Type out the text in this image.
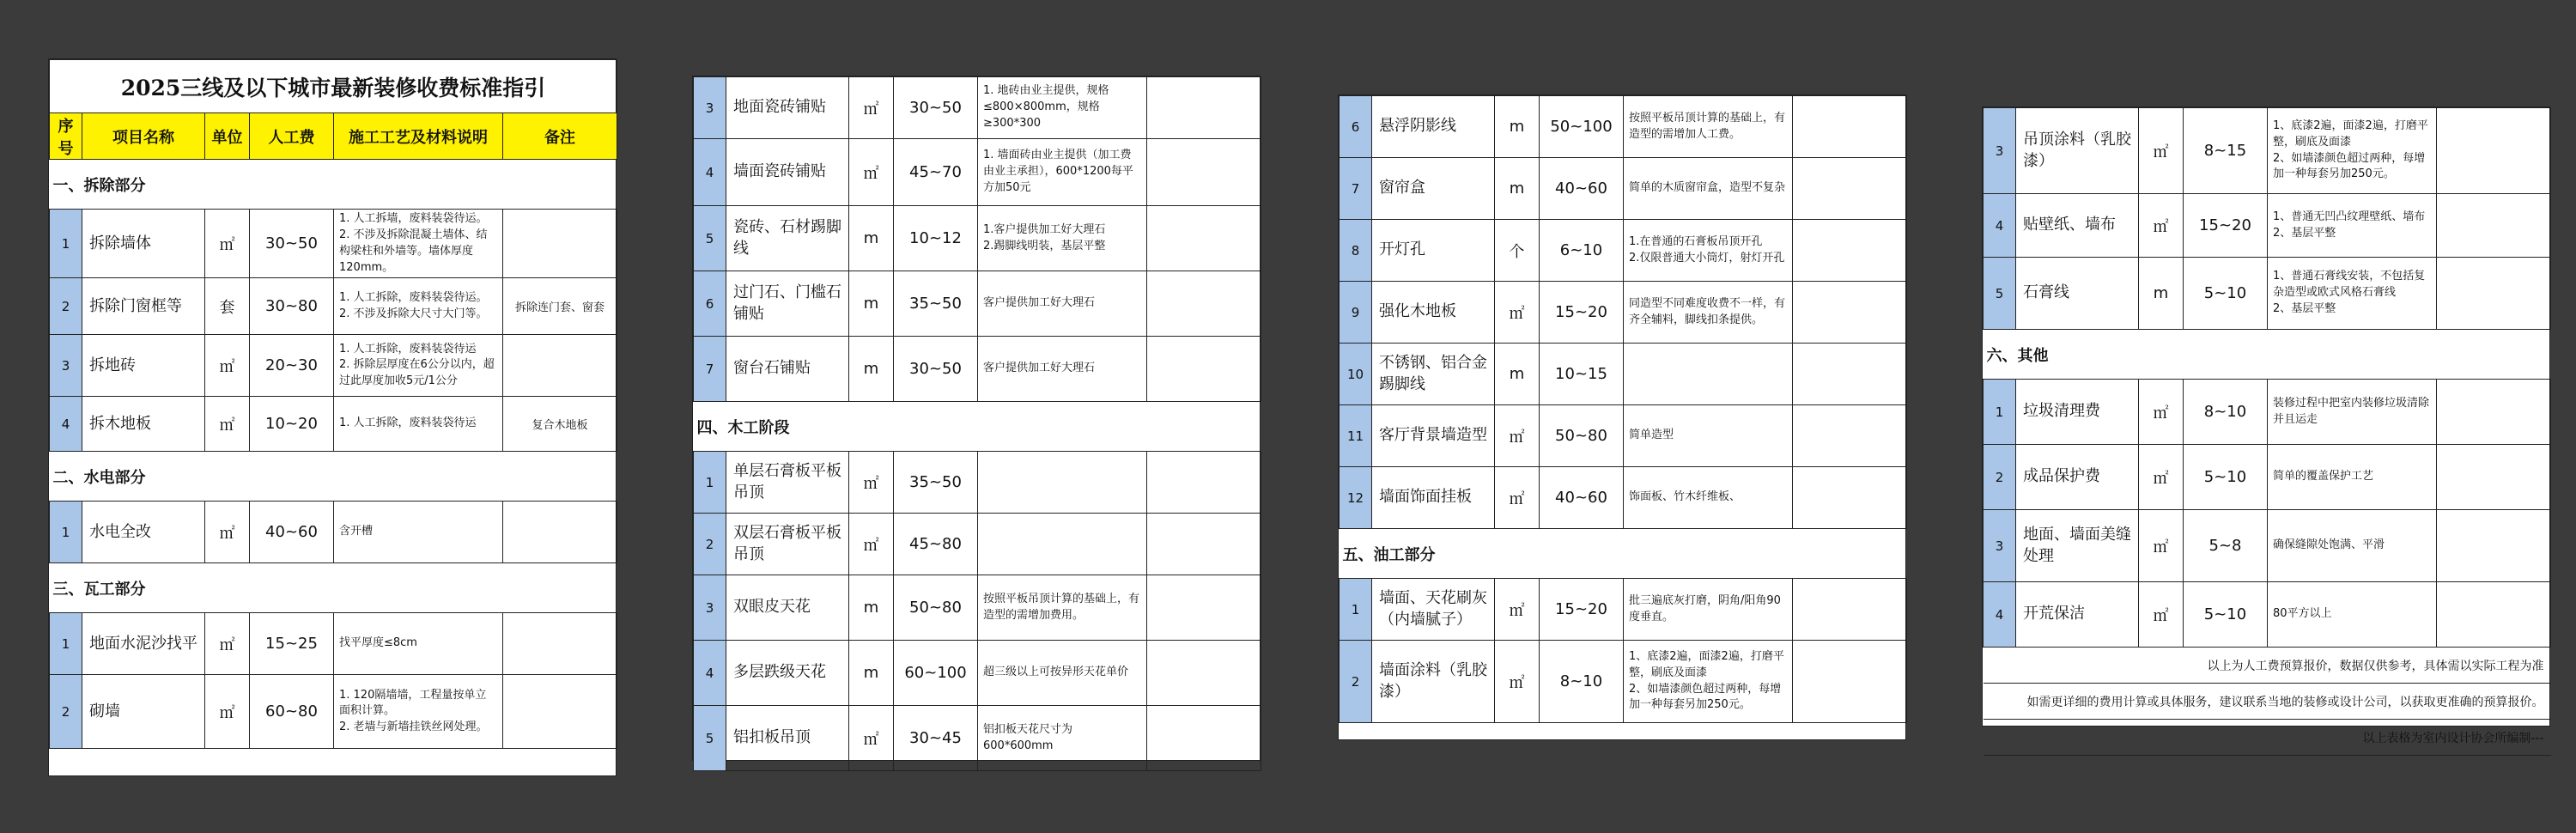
2025三线及以下城市最新装修收费标准指引					
序号	项目名称	单位	人工费	施工工艺及材料说明	备注
一、拆除部分					
1	拆除墙体	㎡	30~50	1. 人工拆墙，废料装袋待运。
2. 不涉及拆除混凝土墙体、结构梁柱和外墙等。墙体厚度120mm。	
2	拆除门窗框等	套	30~80	1. 人工拆除，废料装袋待运。
2. 不涉及拆除大尺寸大门等。	拆除连门套、窗套
3	拆地砖	㎡	20~30	1. 人工拆除，废料装袋待运
2. 拆除层厚度在6公分以内，超过此厚度加收5元/1公分	
4	拆木地板	㎡	10~20	1. 人工拆除，废料装袋待运	复合木地板
二、水电部分					
1	水电全改	㎡	40~60	含开槽	
三、瓦工部分					
1	地面水泥沙找平	㎡	15~25	找平厚度≤8cm	
2	砌墙	㎡	60~80	1. 120隔墙墙，工程量按单立面积计算。
2. 老墙与新墙挂铁丝网处理。	
3	地面瓷砖铺贴	㎡	30~50	1. 地砖由业主提供，规格≤800×800mm，规格≥300*300	
4	墙面瓷砖铺贴	㎡	45~70	1. 墙面砖由业主提供（加工费由业主承担），600*1200每平方加50元	
5	瓷砖、石材踢脚线	m	10~12	1.客户提供加工好大理石
2.踢脚线明装，基层平整	
6	过门石、门槛石铺贴	m	35~50	客户提供加工好大理石	
7	窗台石铺贴	m	30~50	客户提供加工好大理石	
四、木工阶段					
1	单层石膏板平板吊顶	㎡	35~50		
2	双层石膏板平板吊顶	㎡	45~80		
3	双眼皮天花	m	50~80	按照平板吊顶计算的基础上，有造型的需增加费用。	
4	多层跌级天花	m	60~100	超三级以上可按异形天花单价	
5	铝扣板吊顶	㎡	30~45	铝扣板天花尺寸为600*600mm	
6	悬浮阴影线	m	50~100	按照平板吊顶计算的基础上，有造型的需增加人工费。	
7	窗帘盒	m	40~60	简单的木质窗帘盒，造型不复杂	
8	开灯孔	个	6~10	1.在普通的石膏板吊顶开孔
2.仅限普通大小筒灯，射灯开孔	
9	强化木地板	㎡	15~20	同造型不同难度收费不一样，有齐全辅料，脚线扣条提供。	
10	不锈钢、铝合金踢脚线	m	10~15		
11	客厅背景墙造型	㎡	50~80	简单造型	
12	墙面饰面挂板	㎡	40~60	饰面板、竹木纤维板、	
五、油工部分					
1	墙面、天花刷灰（内墙腻子）	㎡	15~20	批三遍底灰打磨，阴角/阳角90度垂直。	
2	墙面涂料（乳胶漆）	㎡	8~10	1、底漆2遍，面漆2遍，打磨平整，刷底及面漆
2、如墙漆颜色超过两种，每增加一种每套另加250元。	
3	吊顶涂料（乳胶漆）	㎡	8~15	1、底漆2遍，面漆2遍，打磨平整，刷底及面漆
2、如墙漆颜色超过两种，每增加一种每套另加250元。	
4	贴壁纸、墙布	㎡	15~20	1、普通无凹凸纹理壁纸、墙布
2、基层平整	
5	石膏线	m	5~10	1、普通石膏线安装，不包括复杂造型或欧式风格石膏线
2、基层平整	
六、其他					
1	垃圾清理费	㎡	8~10	装修过程中把室内装修垃圾清除并且运走	
2	成品保护费	㎡	5~10	简单的覆盖保护工艺	
3	地面、墙面美缝处理	㎡	5~8	确保缝隙处饱满、平滑	
4	开荒保洁	㎡	5~10	80平方以上	
以上为人工费预算报价，数据仅供参考，具体需以实际工程为准					
如需更详细的费用计算或具体服务，建议联系当地的装修或设计公司，以获取更准确的预算报价。					
以上表格为室内设计协会所编制---					
